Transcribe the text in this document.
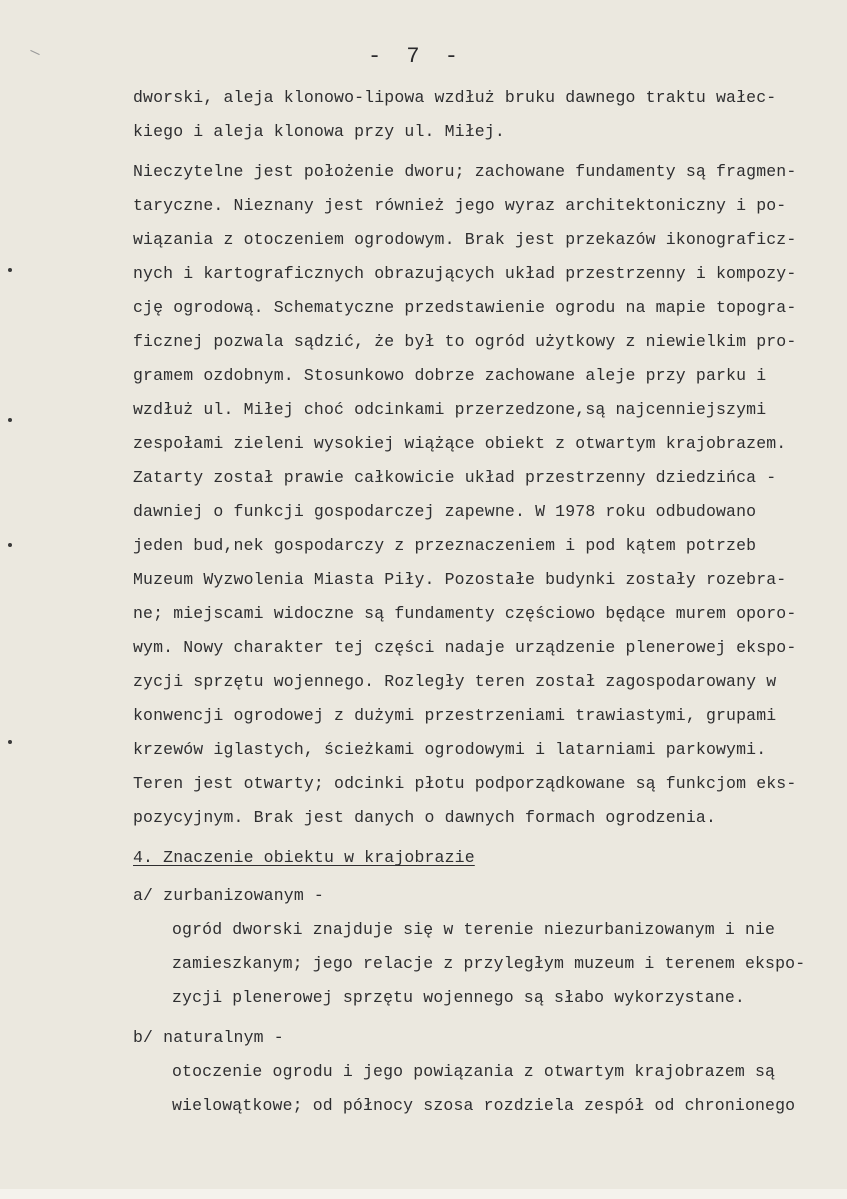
- 7 -
dworski, aleja klonowo-lipowa wzdłuż bruku dawnego traktu wałec-
kiego i aleja klonowa przy ul. Miłej.
Nieczytelne jest położenie dworu; zachowane fundamenty są fragmen-
taryczne. Nieznany jest również jego wyraz architektoniczny i po-
wiązania z otoczeniem ogrodowym. Brak jest przekazów ikonograficz-
nych i kartograficznych obrazujących układ przestrzenny i kompozy-
cję ogrodową. Schematyczne przedstawienie ogrodu na mapie topogra-
ficznej pozwala sądzić, że był to ogród użytkowy z niewielkim pro-
gramem ozdobnym. Stosunkowo dobrze zachowane aleje przy parku i
wzdłuż ul. Miłej choć odcinkami przerzedzone,są najcenniejszymi
zespołami zieleni wysokiej wiążące obiekt z otwartym krajobrazem.
Zatarty został prawie całkowicie układ przestrzenny dziedzińca -
dawniej o funkcji gospodarczej zapewne. W 1978 roku odbudowano
jeden bud,nek gospodarczy z przeznaczeniem i pod kątem potrzeb
Muzeum Wyzwolenia Miasta Piły. Pozostałe budynki zostały rozebra-
ne; miejscami widoczne są fundamenty częściowo będące murem oporo-
wym. Nowy charakter tej części nadaje urządzenie plenerowej ekspo-
zycji sprzętu wojennego. Rozległy teren został zagospodarowany w
konwencji ogrodowej z dużymi przestrzeniami trawiastymi, grupami
krzewów iglastych, ścieżkami ogrodowymi i latarniami parkowymi.
Teren jest otwarty; odcinki płotu podporządkowane są funkcjom eks-
pozycyjnym. Brak jest danych o dawnych formach ogrodzenia.
4. Znaczenie obiektu w krajobrazie
a/ zurbanizowanym -
ogród dworski znajduje się w terenie niezurbanizowanym i nie
zamieszkanym; jego relacje z przyległym muzeum i terenem ekspo-
zycji plenerowej sprzętu wojennego są słabo wykorzystane.
b/ naturalnym -
otoczenie ogrodu i jego powiązania z otwartym krajobrazem są
wielowątkowe; od północy szosa rozdziela zespół od chronionego
